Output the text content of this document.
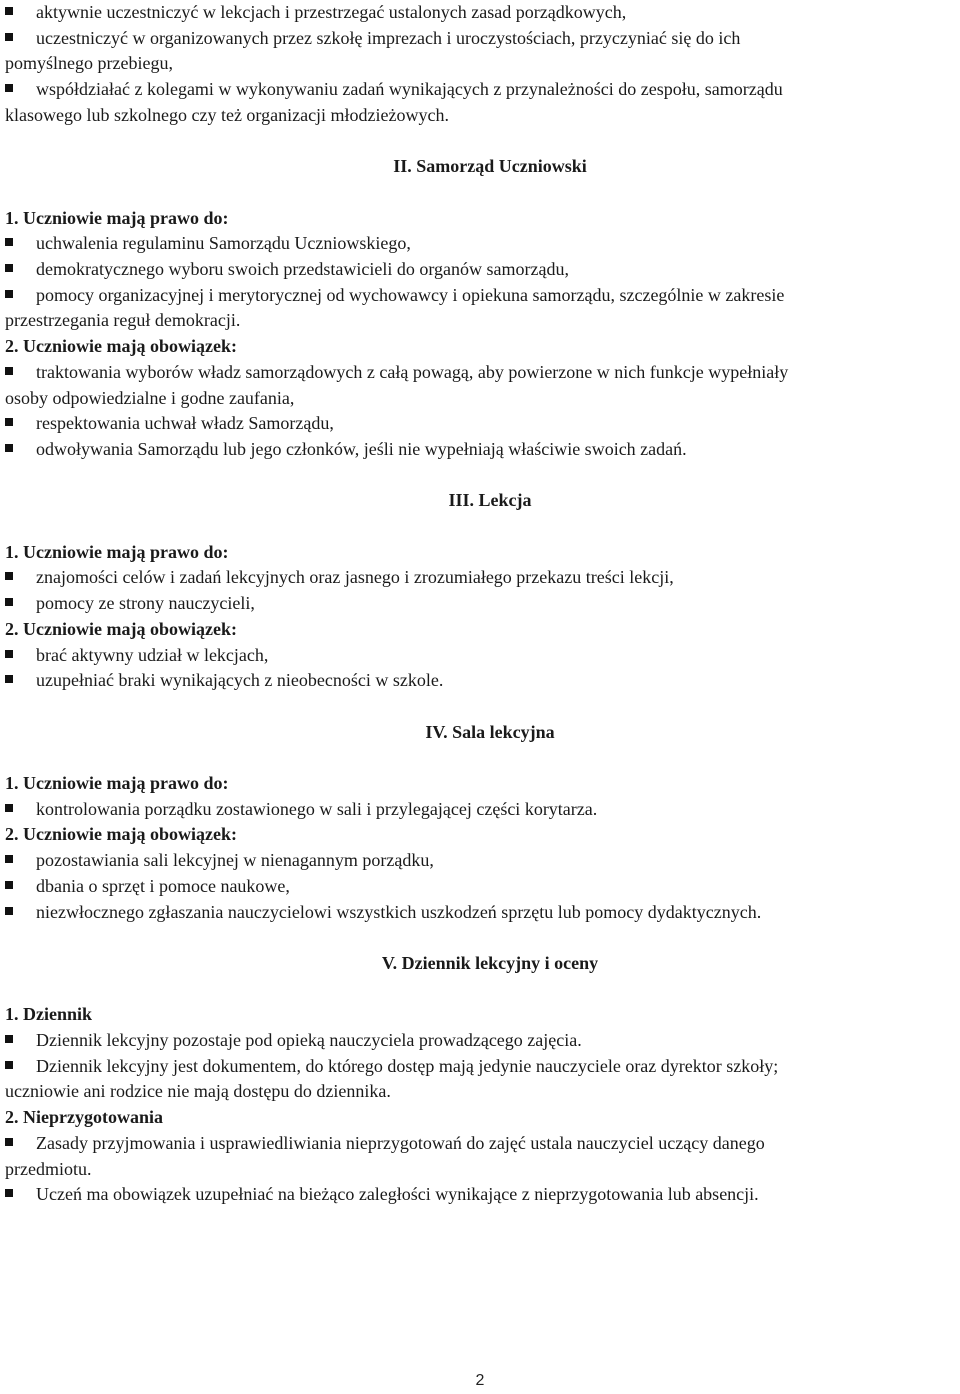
aktywnie uczestniczyć w lekcjach i przestrzegać ustalonych zasad porządkowych,
uczestniczyć w organizowanych przez szkołę imprezach i uroczystościach, przyczyniać się do ich
pomyślnego przebiegu,
współdziałać z kolegami w wykonywaniu zadań wynikających z przynależności do zespołu, samorządu
klasowego lub szkolnego czy też organizacji młodzieżowych.
II. Samorząd Uczniowski
1. Uczniowie mają prawo do:
uchwalenia regulaminu Samorządu Uczniowskiego,
demokratycznego wyboru swoich przedstawicieli do organów samorządu,
pomocy organizacyjnej i merytorycznej od wychowawcy i opiekuna samorządu, szczególnie w zakresie
przestrzegania reguł demokracji.
2. Uczniowie mają obowiązek:
traktowania wyborów władz samorządowych z całą powagą, aby powierzone w nich funkcje wypełniały
osoby odpowiedzialne i godne zaufania,
respektowania uchwał władz Samorządu,
odwoływania Samorządu lub jego członków, jeśli nie wypełniają właściwie swoich zadań.
III. Lekcja
1. Uczniowie mają prawo do:
znajomości celów i zadań lekcyjnych oraz jasnego i zrozumiałego przekazu treści lekcji,
pomocy ze strony nauczycieli,
2. Uczniowie mają obowiązek:
brać aktywny udział w lekcjach,
uzupełniać braki wynikających z nieobecności w szkole.
IV. Sala lekcyjna
1. Uczniowie mają prawo do:
kontrolowania porządku zostawionego w sali i przylegającej części korytarza.
2. Uczniowie mają obowiązek:
pozostawiania sali lekcyjnej w nienagannym porządku,
dbania o sprzęt i pomoce naukowe,
niezwłocznego zgłaszania nauczycielowi wszystkich uszkodzeń sprzętu lub pomocy dydaktycznych.
V. Dziennik lekcyjny i oceny
1. Dziennik
Dziennik lekcyjny pozostaje pod opieką nauczyciela prowadzącego zajęcia.
Dziennik lekcyjny jest dokumentem, do którego dostęp mają jedynie nauczyciele oraz dyrektor szkoły;
uczniowie ani rodzice nie mają dostępu do dziennika.
2. Nieprzygotowania
Zasady przyjmowania i usprawiedliwiania nieprzygotowań do zajęć ustala nauczyciel uczący danego
przedmiotu.
Uczeń ma obowiązek uzupełniać na bieżąco zaległości wynikające z nieprzygotowania lub absencji.
2
